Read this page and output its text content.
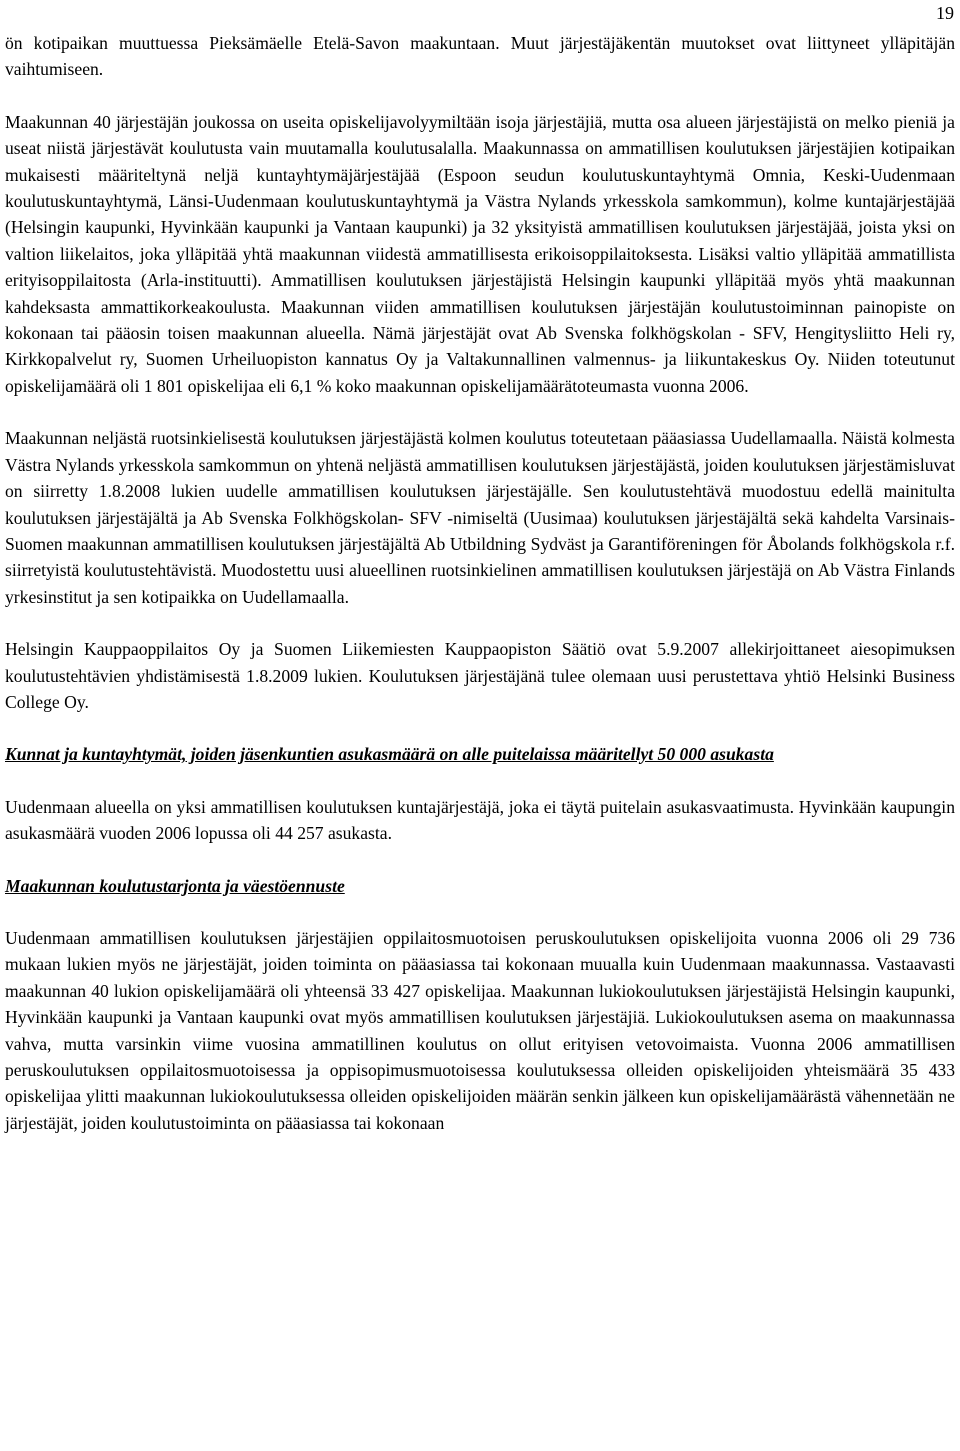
19

ön kotipaikan muuttuessa Pieksämäelle Etelä-Savon maakuntaan. Muut järjestäjäkentän muutokset ovat liittyneet ylläpitäjän vaihtumiseen.

Maakunnan 40 järjestäjän joukossa on useita opiskelijavolyymiltään isoja järjestäjiä, mutta osa alueen järjestäjistä on melko pieniä ja useat niistä järjestävät koulutusta vain muutamalla koulutusalalla. Maakunnassa on ammatillisen koulutuksen järjestäjien kotipaikan mukaisesti määriteltynä neljä kuntayhtymäjärjestäjää (Espoon seudun koulutuskuntayhtymä Omnia, Keski-Uudenmaan koulutuskuntayhtymä, Länsi-Uudenmaan koulutuskuntayhtymä ja Västra Nylands yrkesskola samkommun), kolme kuntajärjestäjää (Helsingin kaupunki, Hyvinkään kaupunki ja Vantaan kaupunki) ja 32 yksityistä ammatillisen koulutuksen järjestäjää, joista yksi on valtion liikelaitos, joka ylläpitää yhtä maakunnan viidestä ammatillisesta erikoisoppilaitoksesta. Lisäksi valtio ylläpitää ammatillista erityisoppilaitosta (Arla-instituutti). Ammatillisen koulutuksen järjestäjistä Helsingin kaupunki ylläpitää myös yhtä maakunnan kahdeksasta ammattikorkeakoulusta. Maakunnan viiden ammatillisen koulutuksen järjestäjän koulutustoiminnan painopiste on kokonaan tai pääosin toisen maakunnan alueella. Nämä järjestäjät ovat Ab Svenska folkhögskolan - SFV, Hengitysliitto Heli ry, Kirkkopalvelut ry, Suomen Urheiluopiston kannatus Oy ja Valtakunnallinen valmennus- ja liikuntakeskus Oy. Niiden toteutunut opiskelijamäärä oli 1 801 opiskelijaa eli 6,1 % koko maakunnan opiskelijamäärätoteumasta vuonna 2006.

Maakunnan neljästä ruotsinkielisestä koulutuksen järjestäjästä kolmen koulutus toteutetaan pääasiassa Uudellamaalla. Näistä kolmesta Västra Nylands yrkesskola samkommun on yhtenä neljästä ammatillisen koulutuksen järjestäjästä, joiden koulutuksen järjestämisluvat on siirretty 1.8.2008 lukien uudelle ammatillisen koulutuksen järjestäjälle. Sen koulutustehtävä muodostuu edellä mainitulta koulutuksen järjestäjältä ja Ab Svenska Folkhögskolan- SFV -nimiseltä (Uusimaa) koulutuksen järjestäjältä sekä kahdelta Varsinais-Suomen maakunnan ammatillisen koulutuksen järjestäjältä Ab Utbildning Sydväst ja Garantiföreningen för Åbolands folkhögskola r.f. siirretyistä koulutustehtävistä. Muodostettu uusi alueellinen ruotsinkielinen ammatillisen koulutuksen järjestäjä on Ab Västra Finlands yrkesinstitut ja sen kotipaikka on Uudellamaalla.

Helsingin Kauppaoppilaitos Oy ja Suomen Liikemiesten Kauppaopiston Säätiö ovat 5.9.2007 allekirjoittaneet aiesopimuksen koulutustehtävien yhdistämisestä 1.8.2009 lukien. Koulutuksen järjestäjänä tulee olemaan uusi perustettava yhtiö Helsinki Business College Oy.

Kunnat ja kuntayhtymät, joiden jäsenkuntien asukasmäärä on alle puitelaissa määritellyt 50 000 asukasta

Uudenmaan alueella on yksi ammatillisen koulutuksen kuntajärjestäjä, joka ei täytä puitelain asukasvaatimusta. Hyvinkään kaupungin asukasmäärä vuoden 2006 lopussa oli 44 257 asukasta.

Maakunnan koulutustarjonta ja väestöennuste

Uudenmaan ammatillisen koulutuksen järjestäjien oppilaitosmuotoisen peruskoulutuksen opiskelijoita vuonna 2006 oli 29 736 mukaan lukien myös ne järjestäjät, joiden toiminta on pääasiassa tai kokonaan muualla kuin Uudenmaan maakunnassa. Vastaavasti maakunnan 40 lukion opiskelijamäärä oli yhteensä 33 427 opiskelijaa. Maakunnan lukiokoulutuksen järjestäjistä Helsingin kaupunki, Hyvinkään kaupunki ja Vantaan kaupunki ovat myös ammatillisen koulutuksen järjestäjiä. Lukiokoulutuksen asema on maakunnassa vahva, mutta varsinkin viime vuosina ammatillinen koulutus on ollut erityisen vetovoimaista. Vuonna 2006 ammatillisen peruskoulutuksen oppilaitosmuotoisessa ja oppisopimusmuotoisessa koulutuksessa olleiden opiskelijoiden yhteismäärä 35 433 opiskelijaa ylitti maakunnan lukiokoulutuksessa olleiden opiskelijoiden määrän senkin jälkeen kun opiskelijamäärästä vähennetään ne järjestäjät, joiden koulutustoiminta on pääasiassa tai kokonaan
